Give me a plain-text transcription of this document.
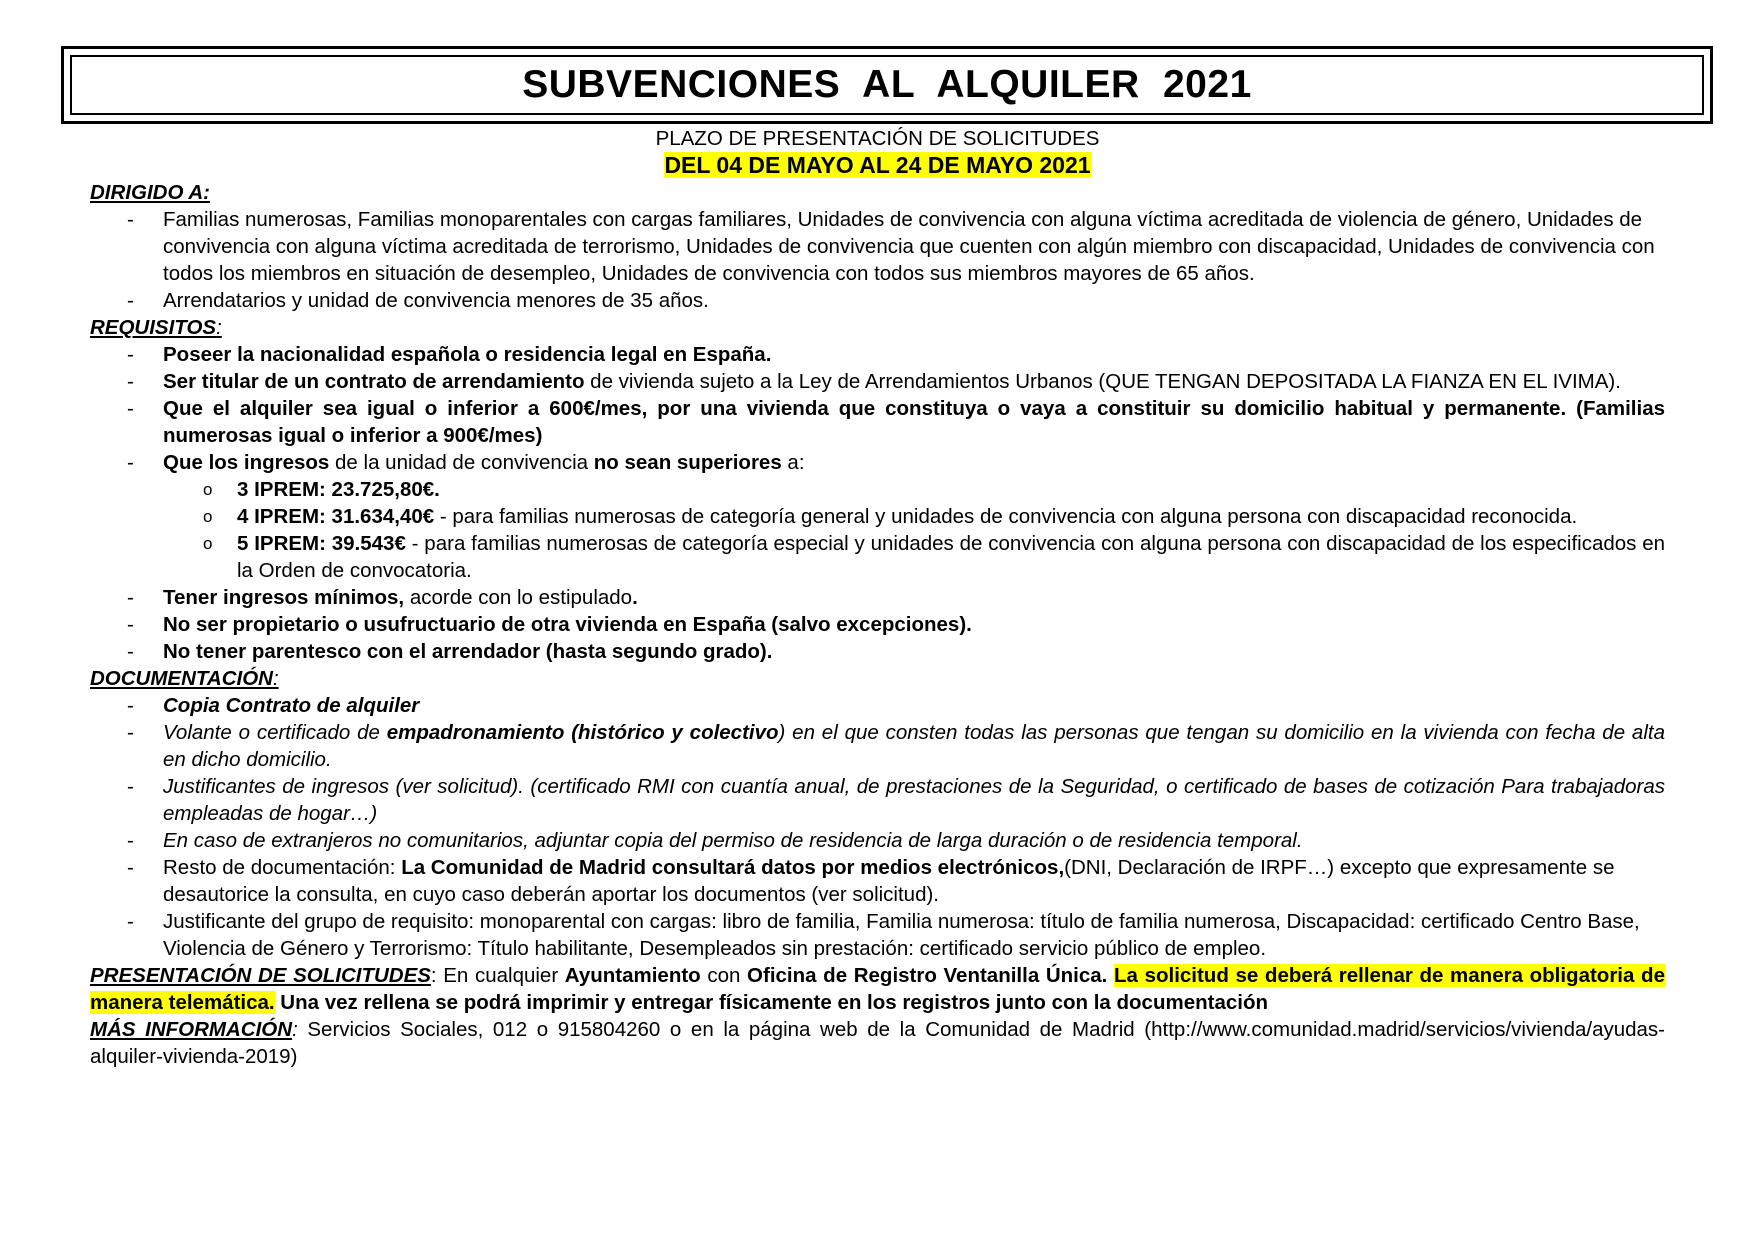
SUBVENCIONES AL ALQUILER 2021
PLAZO DE PRESENTACIÓN DE SOLICITUDES
DEL 04 DE MAYO AL 24 DE MAYO 2021
DIRIGIDO A:
- Familias numerosas, Familias monoparentales con cargas familiares, Unidades de convivencia con alguna víctima acreditada de violencia de género, Unidades de convivencia con alguna víctima acreditada de terrorismo, Unidades de convivencia que cuenten con algún miembro con discapacidad, Unidades de convivencia con todos los miembros en situación de desempleo, Unidades de convivencia con todos sus miembros mayores de 65 años.
- Arrendatarios y unidad de convivencia menores de 35 años.
REQUISITOS:
- Poseer la nacionalidad española o residencia legal en España.
- Ser titular de un contrato de arrendamiento de vivienda sujeto a la Ley de Arrendamientos Urbanos (QUE TENGAN DEPOSITADA LA FIANZA EN EL IVIMA).
- Que el alquiler sea igual o inferior a 600€/mes, por una vivienda que constituya o vaya a constituir su domicilio habitual y permanente. (Familias numerosas igual o inferior a 900€/mes)
- Que los ingresos de la unidad de convivencia no sean superiores a:
o 3 IPREM: 23.725,80€.
o 4 IPREM: 31.634,40€ - para familias numerosas de categoría general y unidades de convivencia con alguna persona con discapacidad reconocida.
o 5 IPREM: 39.543€ - para familias numerosas de categoría especial y unidades de convivencia con alguna persona con discapacidad de los especificados en la Orden de convocatoria.
- Tener ingresos mínimos, acorde con lo estipulado.
- No ser propietario o usufructuario de otra vivienda en España (salvo excepciones).
- No tener parentesco con el arrendador (hasta segundo grado).
DOCUMENTACIÓN:
- Copia Contrato de alquiler
- Volante o certificado de empadronamiento (histórico y colectivo) en el que consten todas las personas que tengan su domicilio en la vivienda con fecha de alta en dicho domicilio.
- Justificantes de ingresos (ver solicitud). (certificado RMI con cuantía anual, de prestaciones de la Seguridad, o certificado de bases de cotización Para trabajadoras empleadas de hogar…)
- En caso de extranjeros no comunitarios, adjuntar copia del permiso de residencia de larga duración o de residencia temporal.
- Resto de documentación: La Comunidad de Madrid consultará datos por medios electrónicos,(DNI, Declaración de IRPF…) excepto que expresamente se desautorice la consulta, en cuyo caso deberán aportar los documentos (ver solicitud).
- Justificante del grupo de requisito: monoparental con cargas: libro de familia, Familia numerosa: título de familia numerosa, Discapacidad: certificado Centro Base, Violencia de Género y Terrorismo: Título habilitante, Desempleados sin prestación: certificado servicio público de empleo.
PRESENTACIÓN DE SOLICITUDES: En cualquier Ayuntamiento con Oficina de Registro Ventanilla Única. La solicitud se deberá rellenar de manera obligatoria de manera telemática. Una vez rellena se podrá imprimir y entregar físicamente en los registros junto con la documentación
MÁS INFORMACIÓN: Servicios Sociales, 012 o 915804260 o en la página web de la Comunidad de Madrid (http://www.comunidad.madrid/servicios/vivienda/ayudas-alquiler-vivienda-2019)
